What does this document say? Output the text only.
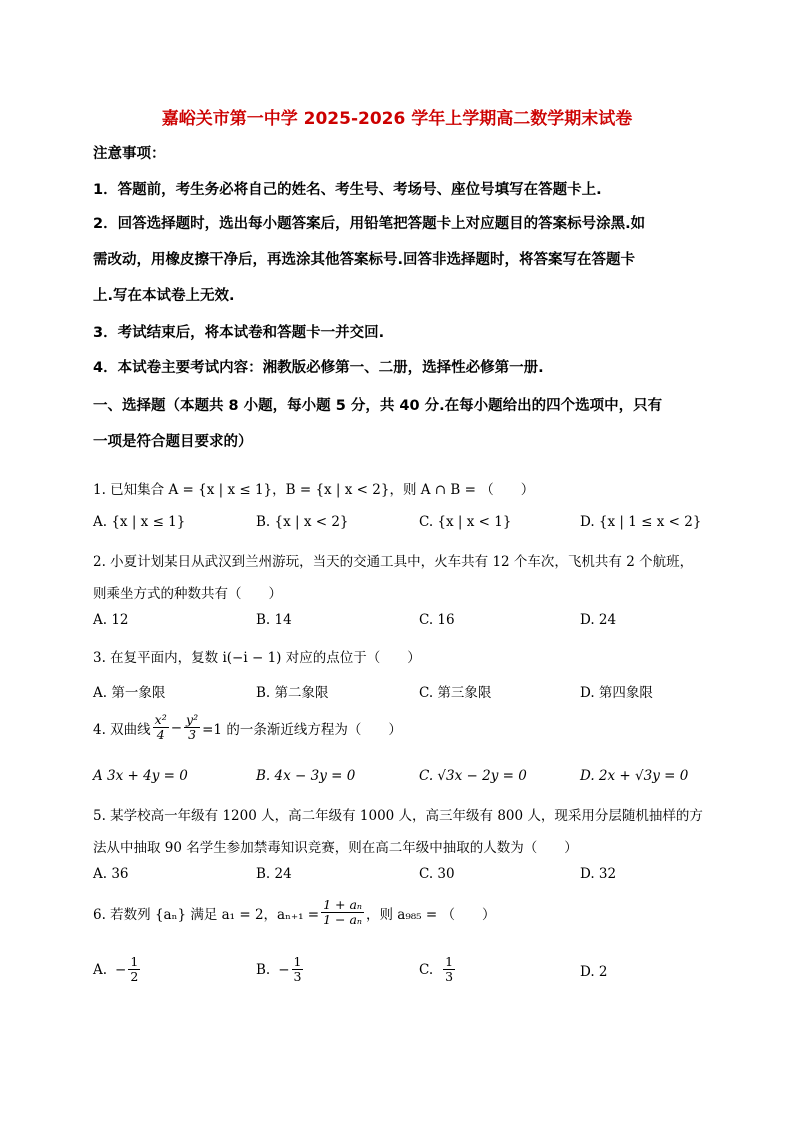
嘉峪关市第一中学 2025-2026 学年上学期高二数学期末试卷
注意事项：
1．答题前，考生务必将自己的姓名、考生号、考场号、座位号填写在答题卡上.
2．回答选择题时，选出每小题答案后，用铅笔把答题卡上对应题目的答案标号涂黑.如
需改动，用橡皮擦干净后，再选涂其他答案标号.回答非选择题时，将答案写在答题卡
上.写在本试卷上无效.
3．考试结束后，将本试卷和答题卡一并交回.
4．本试卷主要考试内容：湘教版必修第一、二册，选择性必修第一册.
一、选择题（本题共 8 小题，每小题 5 分，共 40 分.在每小题给出的四个选项中，只有
一项是符合题目要求的）
1. 已知集合 A = {x | x ≤ 1}，B = {x | x < 2}，则 A ∩ B = （　　）
A. {x | x ≤ 1}	B. {x | x < 2}	C. {x | x < 1}	D. {x | 1 ≤ x < 2}
2. 小夏计划某日从武汉到兰州游玩，当天的交通工具中，火车共有 12 个车次，飞机共有 2 个航班，
则乘坐方式的种数共有（　　）
A. 12	B. 14	C. 16	D. 24
3. 在复平面内，复数 i(−i − 1) 对应的点位于（　　）
A. 第一象限	B. 第二象限	C. 第三象限	D. 第四象限
4. 双曲线 $\frac{\text{x²}}{4} - \frac{\text{y²}}{3} =1$ 的一条渐近线方程为（　　）
A 3x + 4y = 0	B. 4x − 3y = 0	C. √3x − 2y = 0	D. 2x + √3y = 0
5. 某学校高一年级有 1200 人，高二年级有 1000 人，高三年级有 800 人，现采用分层随机抽样的方
法从中抽取 90 名学生参加禁毒知识竞赛，则在高二年级中抽取的人数为（　　）
A. 36	B. 24	C. 30	D. 32
6. 若数列 {aₙ} 满足 a₁ = 2，$a_{n+1} = \frac{\text{1 + aₙ}}{\text{1 − aₙ}}$ ，则 a₉₈₅ = （　　）
A. − $\frac{1}{2}$	B. − $\frac{1}{3}$	C. $\frac{1}{3}$	D. 2
